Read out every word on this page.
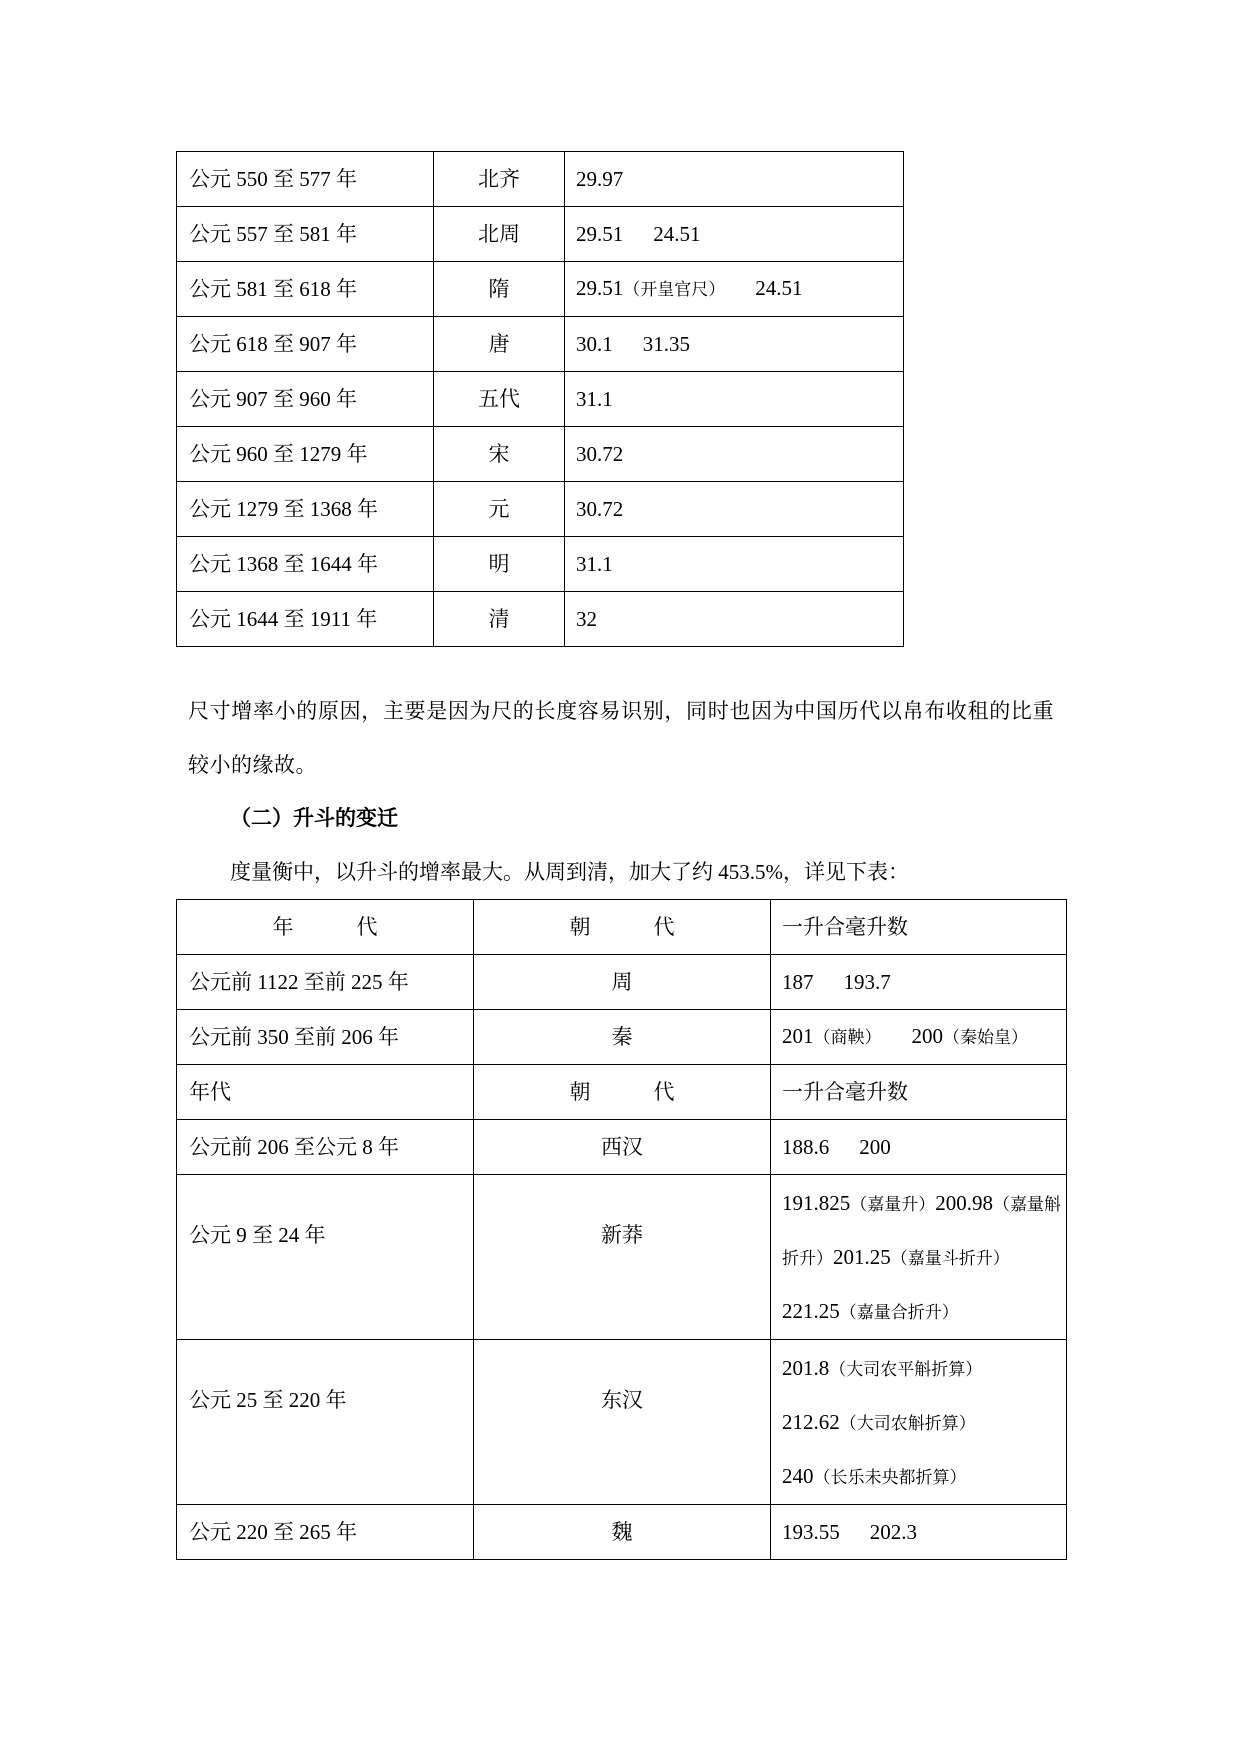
公元 550 至 577 年	北齐	29.97
公元 557 至 581 年	北周	29.51 24.51
公元 581 至 618 年	隋	29.51（开皇官尺） 24.51
公元 618 至 907 年	唐	30.1 31.35
公元 907 至 960 年	五代	31.1
公元 960 至 1279 年	宋	30.72
公元 1279 至 1368 年	元	30.72
公元 1368 至 1644 年	明	31.1
公元 1644 至 1911 年	清	32

尺寸增率小的原因，主要是因为尺的长度容易识别，同时也因为中国历代以帛布收租的比重较小的缘故。

（二）升斗的变迁

度量衡中，以升斗的增率最大。从周到清，加大了约 453.5%，详见下表：

年　　　代	朝　　　代	一升合毫升数
公元前 1122 至前 225 年	周	187 193.7
公元前 350 至前 206 年	秦	201（商鞅） 200（秦始皇）
年代	朝　　　代	一升合毫升数
公元前 206 至公元 8 年	西汉	188.6 200
公元 9 至 24 年	新莽	191.825（嘉量升）200.98（嘉量斛折升）201.25（嘉量斗折升）221.25（嘉量合折升）
公元 25 至 220 年	东汉	201.8（大司农平斛折算）
212.62（大司农斛折算）
240（长乐未央都折算）

公元 220 至 265 年	魏	193.55 202.3
